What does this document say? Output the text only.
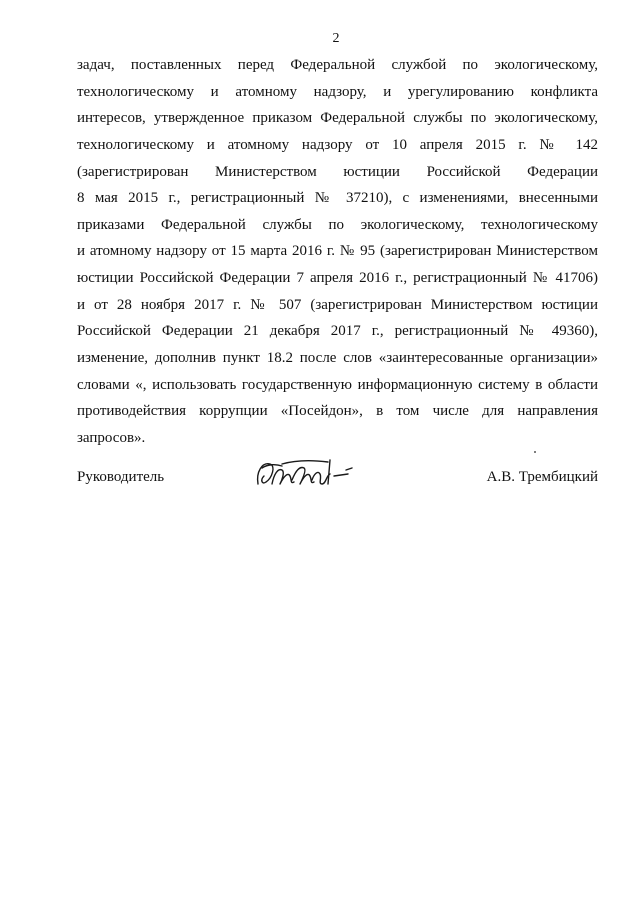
2
задач, поставленных перед Федеральной службой по экологическому,
технологическому и атомному надзору, и урегулированию конфликта
интересов, утвержденное приказом Федеральной службы по экологическому,
технологическому и атомному надзору от 10 апреля 2015 г. № 142
(зарегистрирован Министерством юстиции Российской Федерации
8 мая 2015 г., регистрационный № 37210), с изменениями, внесенными
приказами Федеральной службы по экологическому, технологическому
и атомному надзору от 15 марта 2016 г. № 95 (зарегистрирован Министерством
юстиции Российской Федерации 7 апреля 2016 г., регистрационный № 41706)
и от 28 ноября 2017 г. № 507 (зарегистрирован Министерством юстиции
Российской Федерации 21 декабря 2017 г., регистрационный № 49360),
изменение, дополнив пункт 18.2 после слов «заинтересованные организации»
словами «, использовать государственную информационную систему в области
противодействия коррупции «Посейдон», в том числе для направления
запросов».
Руководитель	А.В. Трембицкий
